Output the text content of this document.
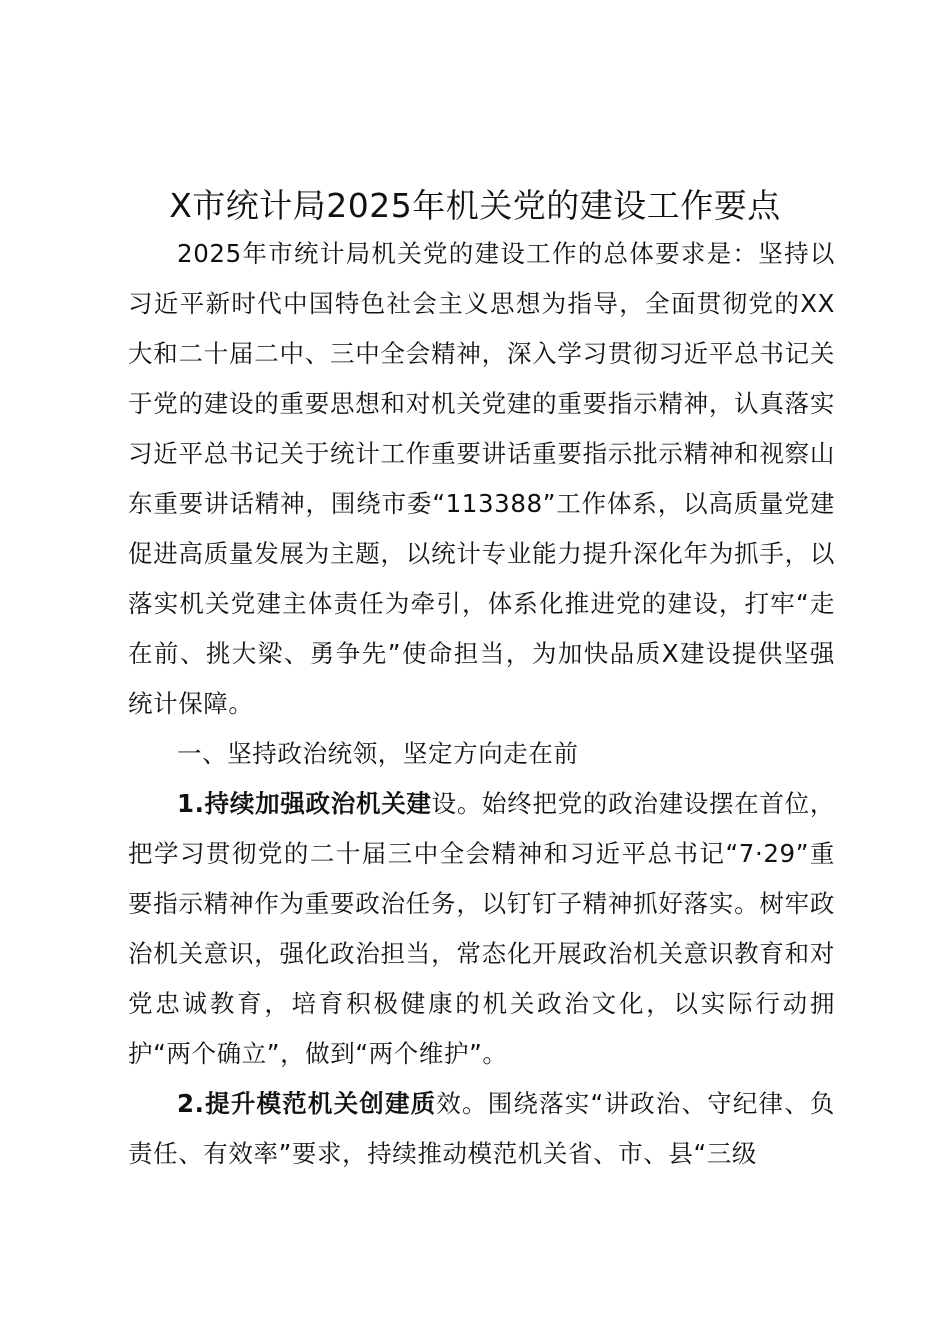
X市统计局2025年机关党的建设工作要点

2025年市统计局机关党的建设工作的总体要求是：坚持以习近平新时代中国特色社会主义思想为指导，全面贯彻党的XX大和二十届二中、三中全会精神，深入学习贯彻习近平总书记关于党的建设的重要思想和对机关党建的重要指示精神，认真落实习近平总书记关于统计工作重要讲话重要指示批示精神和视察山东重要讲话精神，围绕市委“113388”工作体系，以高质量党建促进高质量发展为主题，以统计专业能力提升深化年为抓手，以落实机关党建主体责任为牵引，体系化推进党的建设，打牢“走在前、挑大梁、勇争先”使命担当，为加快品质X建设提供坚强统计保障。

一、坚持政治统领，坚定方向走在前

1.持续加强政治机关建设。始终把党的政治建设摆在首位，把学习贯彻党的二十届三中全会精神和习近平总书记“7·29”重要指示精神作为重要政治任务，以钉钉子精神抓好落实。树牢政治机关意识，强化政治担当，常态化开展政治机关意识教育和对党忠诚教育，培育积极健康的机关政治文化，以实际行动拥护“两个确立”，做到“两个维护”。

2.提升模范机关创建质效。围绕落实“讲政治、守纪律、负责任、有效率”要求，持续推动模范机关省、市、县“三级
